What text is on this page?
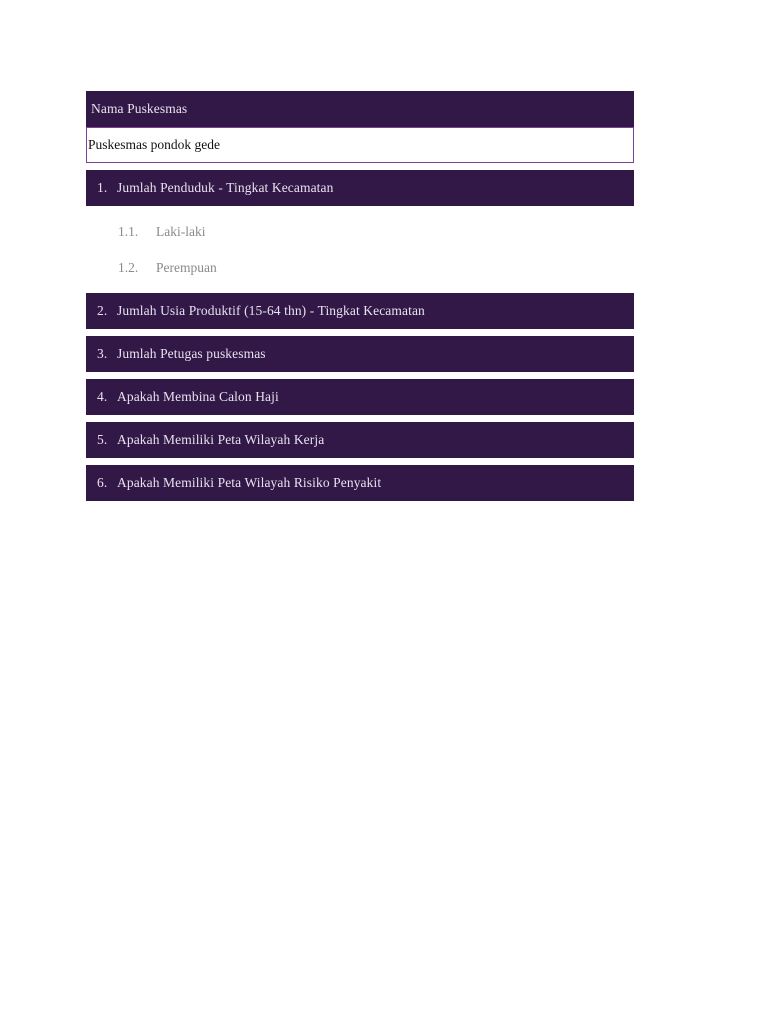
Nama Puskesmas
Puskesmas pondok gede
1. Jumlah Penduduk - Tingkat Kecamatan
1.1.	Laki-laki
1.2.	Perempuan
2. Jumlah Usia Produktif (15-64 thn) - Tingkat Kecamatan
3. Jumlah Petugas puskesmas
4. Apakah Membina Calon Haji
5. Apakah Memiliki Peta Wilayah Kerja
6. Apakah Memiliki Peta Wilayah Risiko Penyakit
